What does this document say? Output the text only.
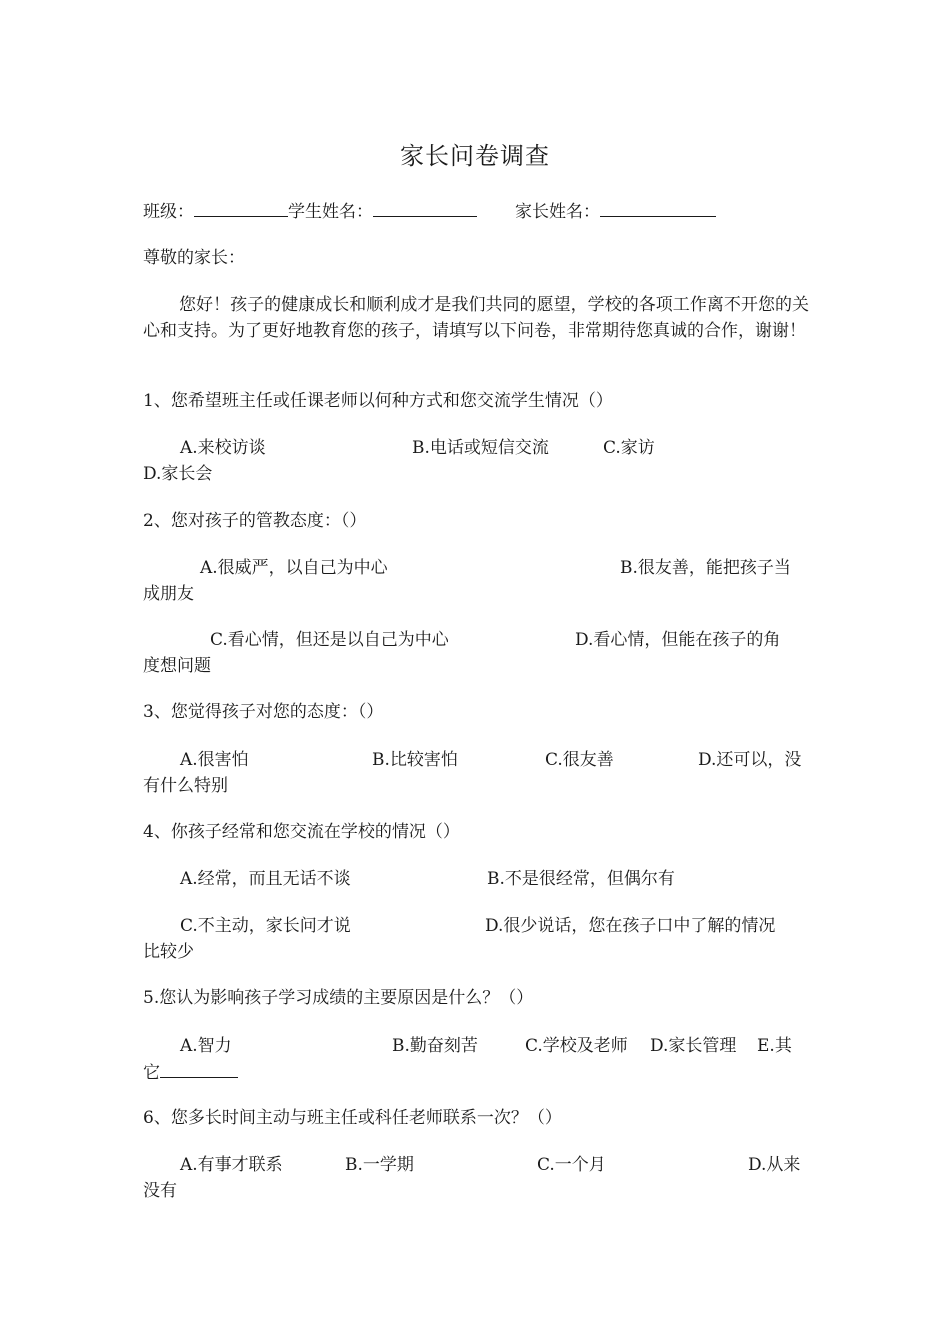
家长问卷调查
班级：	学生姓名：	家长姓名：
尊敬的家长：
您好！孩子的健康成长和顺利成才是我们共同的愿望，学校的各项工作离不开您的关心和支持。为了更好地教育您的孩子，请填写以下问卷，非常期待您真诚的合作，谢谢！
1、您希望班主任或任课老师以何种方式和您交流学生情况（）
A.来校访谈	B.电话或短信交流	C.家访
D.家长会
2、您对孩子的管教态度：（）
A.很威严，以自己为中心	B.很友善，能把孩子当
成朋友
C.看心情，但还是以自己为中心	D.看心情，但能在孩子的角
度想问题
3、您觉得孩子对您的态度：（）
A.很害怕	B.比较害怕	C.很友善	D.还可以，没
有什么特别
4、你孩子经常和您交流在学校的情况（）
A.经常，而且无话不谈	B.不是很经常，但偶尔有
C.不主动，家长问才说	D.很少说话，您在孩子口中了解的情况
比较少
5.您认为影响孩子学习成绩的主要原因是什么？（）
A.智力	B.勤奋刻苦	C.学校及老师 D.家长管理 E.其
它
6、您多长时间主动与班主任或科任老师联系一次？（）
A.有事才联系	B.一学期	C.一个月	D.从来
没有
